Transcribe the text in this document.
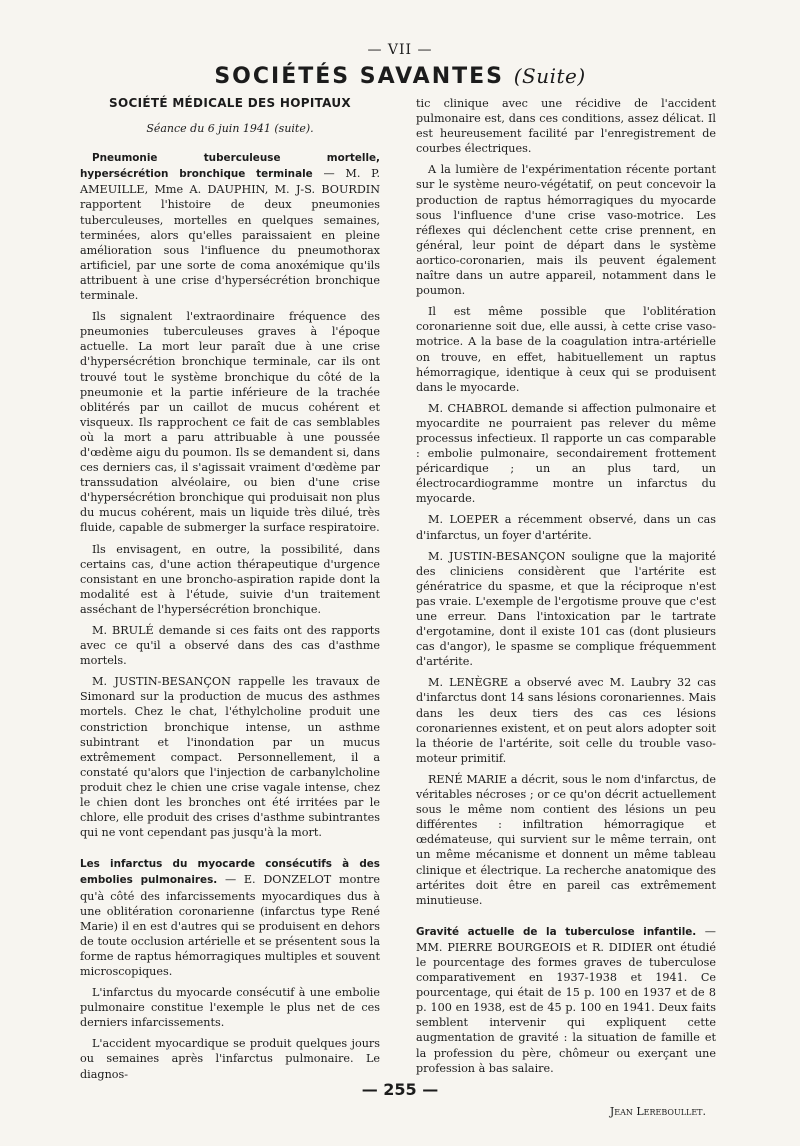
— VII —
SOCIÉTÉS SAVANTES (Suite)
SOCIÉTÉ MÉDICALE DES HOPITAUX
Séance du 6 juin 1941 (suite).

Pneumonie tuberculeuse mortelle, hypersécrétion bronchique terminale — M. P. AMEUILLE, Mme A. DAUPHIN, M. J-S. BOURDIN rapportent l'histoire de deux pneumonies tuberculeuses, mortelles en quelques semaines, terminées, alors qu'elles paraissaient en pleine amélioration sous l'influence du pneumothorax artificiel, par une sorte de coma anoxémique qu'ils attribuent à une crise d'hypersécrétion bronchique terminale.

Ils signalent l'extraordinaire fréquence des pneumonies tuberculeuses graves à l'époque actuelle. La mort leur paraît due à une crise d'hypersécrétion bronchique terminale, car ils ont trouvé tout le système bronchique du côté de la pneumonie et la partie inférieure de la trachée oblitérés par un caillot de mucus cohérent et visqueux. Ils rapprochent ce fait de cas semblables où la mort a paru attribuable à une poussée d'œdème aigu du poumon. Ils se demandent si, dans ces derniers cas, il s'agissait vraiment d'œdème par transsudation alvéolaire, ou bien d'une crise d'hypersécrétion bronchique qui produisait non plus du mucus cohérent, mais un liquide très dilué, très fluide, capable de submerger la surface respiratoire.

Ils envisagent, en outre, la possibilité, dans certains cas, d'une action thérapeutique d'urgence consistant en une broncho-aspiration rapide dont la modalité est à l'étude, suivie d'un traitement asséchant de l'hypersécrétion bronchique.

M. BRULÉ demande si ces faits ont des rapports avec ce qu'il a observé dans des cas d'asthme mortels.

M. JUSTIN-BESANÇON rappelle les travaux de Simonard sur la production de mucus des asthmes mortels. Chez le chat, l'éthylcholine produit une constriction bronchique intense, un asthme subintrant et l'inondation par un mucus extrêmement compact. Personnellement, il a constaté qu'alors que l'injection de carbanylcholine produit chez le chien une crise vagale intense, chez le chien dont les bronches ont été irritées par le chlore, elle produit des crises d'asthme subintrantes qui ne vont cependant pas jusqu'à la mort.

Les infarctus du myocarde consécutifs à des embolies pulmonaires. — E. DONZELOT montre qu'à côté des infarcissements myocardiques dus à une oblitération coronarienne (infarctus type René Marie) il en est d'autres qui se produisent en dehors de toute occlusion artérielle et se présentent sous la forme de raptus hémorragiques multiples et souvent microscopiques.

L'infarctus du myocarde consécutif à une embolie pulmonaire constitue l'exemple le plus net de ces derniers infarcissements.

L'accident myocardique se produit quelques jours ou semaines après l'infarctus pulmonaire. Le diagnos-

tic clinique avec une récidive de l'accident pulmonaire est, dans ces conditions, assez délicat. Il est heureusement facilité par l'enregistrement de courbes électriques.

A la lumière de l'expérimentation récente portant sur le système neuro-végétatif, on peut concevoir la production de raptus hémorragiques du myocarde sous l'influence d'une crise vaso-motrice. Les réflexes qui déclenchent cette crise prennent, en général, leur point de départ dans le système aortico-coronarien, mais ils peuvent également naître dans un autre appareil, notamment dans le poumon.

Il est même possible que l'oblitération coronarienne soit due, elle aussi, à cette crise vaso-motrice. A la base de la coagulation intra-artérielle on trouve, en effet, habituellement un raptus hémorragique, identique à ceux qui se produisent dans le myocarde.

M. CHABROL demande si affection pulmonaire et myocardite ne pourraient pas relever du même processus infectieux. Il rapporte un cas comparable : embolie pulmonaire, secondairement frottement péricardique ; un an plus tard, un électrocardiogramme montre un infarctus du myocarde.

M. LOEPER a récemment observé, dans un cas d'infarctus, un foyer d'artérite.

M. JUSTIN-BESANÇON souligne que la majorité des cliniciens considèrent que l'artérite est génératrice du spasme, et que la réciproque n'est pas vraie. L'exemple de l'ergotisme prouve que c'est une erreur. Dans l'intoxication par le tartrate d'ergotamine, dont il existe 101 cas (dont plusieurs cas d'angor), le spasme se complique fréquemment d'artérite.

M. LENÈGRE a observé avec M. Laubry 32 cas d'infarctus dont 14 sans lésions coronariennes. Mais dans les deux tiers des cas ces lésions coronariennes existent, et on peut alors adopter soit la théorie de l'artérite, soit celle du trouble vaso-moteur primitif.

RENÉ MARIE a décrit, sous le nom d'infarctus, de véritables nécroses ; or ce qu'on décrit actuellement sous le même nom contient des lésions un peu différentes : infiltration hémorragique et œdémateuse, qui survient sur le même terrain, ont un même mécanisme et donnent un même tableau clinique et électrique. La recherche anatomique des artérites doit être en pareil cas extrêmement minutieuse.

Gravité actuelle de la tuberculose infantile. — MM. PIERRE BOURGEOIS et R. DIDIER ont étudié le pourcentage des formes graves de tuberculose comparativement en 1937-1938 et 1941. Ce pourcentage, qui était de 15 p. 100 en 1937 et de 8 p. 100 en 1938, est de 45 p. 100 en 1941. Deux faits semblent intervenir qui expliquent cette augmentation de gravité : la situation de famille et la profession du père, chômeur ou exerçant une profession à bas salaire.

Jean Lereboullet.
— 255 —
